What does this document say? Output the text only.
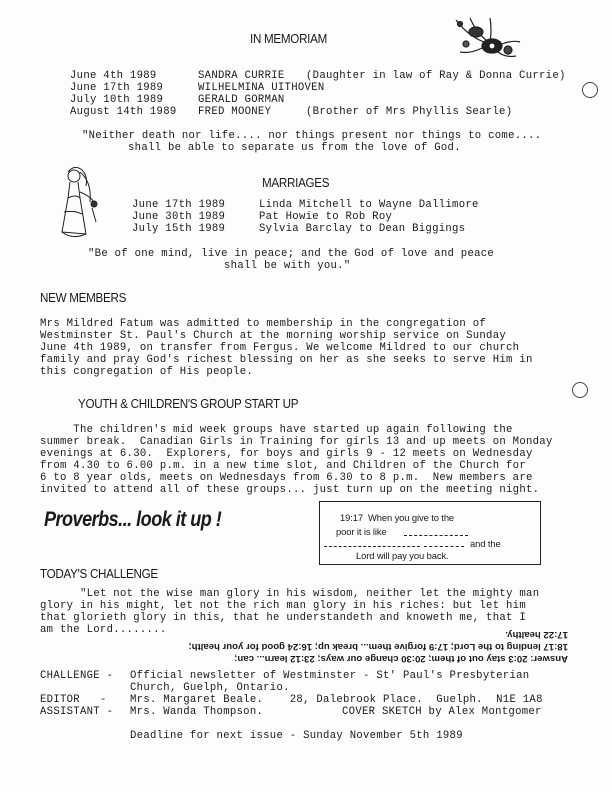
IN MEMORIAM
June 4th 1989	SANDRA CURRIE (Daughter in law of Ray & Donna Currie)
June 17th 1989	WILHELMINA UITHOVEN
July 10th 1989	GERALD GORMAN
August 14th 1989 FRED MOONEY	(Brother of Mrs Phyllis Searle)
"Neither death nor life.... nor things present nor things to come....
shall be able to separate us from the love of God.
MARRIAGES
June 17th 1989	Linda Mitchell to Wayne Dallimore
June 30th 1989	Pat Howie to Rob Roy
July 15th 1989	Sylvia Barclay to Dean Biggings
"Be of one mind, live in peace; and the God of love and peace
shall be with you."
NEW MEMBERS
Mrs Mildred Fatum was admitted to membership in the congregation of
Westminster St. Paul's Church at the morning worship service on Sunday
June 4th 1989, on transfer from Fergus. We welcome Mildred to our church
family and pray God's richest blessing on her as she seeks to serve Him in
this congregation of His people.
YOUTH & CHILDREN'S GROUP START UP
The children's mid week groups have started up again following the
summer break.  Canadian Girls in Training for girls 13 and up meets on Monday
evenings at 6.30.  Explorers, for boys and girls 9 - 12 meets on Wednesday
from 4.30 to 6.00 p.m. in a new time slot, and Children of the Church for
6 to 8 year olds, meets on Wednesdays from 6.30 to 8 p.m.  New members are
invited to attend all of these groups... just turn up on the meeting night.
Proverbs... look it up !

	19:17  When you give to the

poor it is like

and the

Lord will pay you back.

TODAY'S CHALLENGE
"Let not the wise man glory in his wisdom, neither let the mighty man
glory in his might, let not the rich man glory in his riches: but let him
that glorieth glory in this, that he understandeth and knoweth me, that I
am the Lord........
Answer: 20:3 stay out of them; 20:30 change our ways; 23:12 learn... can;
18:17 lending to the Lord; 17:9 forgive them... break up; 16:24 good for your health;
17:22 healthy.
CHALLENGE - Official newsletter of Westminster - St' Paul's Presbyterian
Church, Guelph, Ontario.
EDITOR   - Mrs. Margaret Beale.    28, Dalebrook Place.  Guelph.  N1E 1A8
ASSISTANT - Mrs. Wanda Thompson.	COVER SKETCH by Alex Montgomer
Deadline for next issue - Sunday November 5th 1989
